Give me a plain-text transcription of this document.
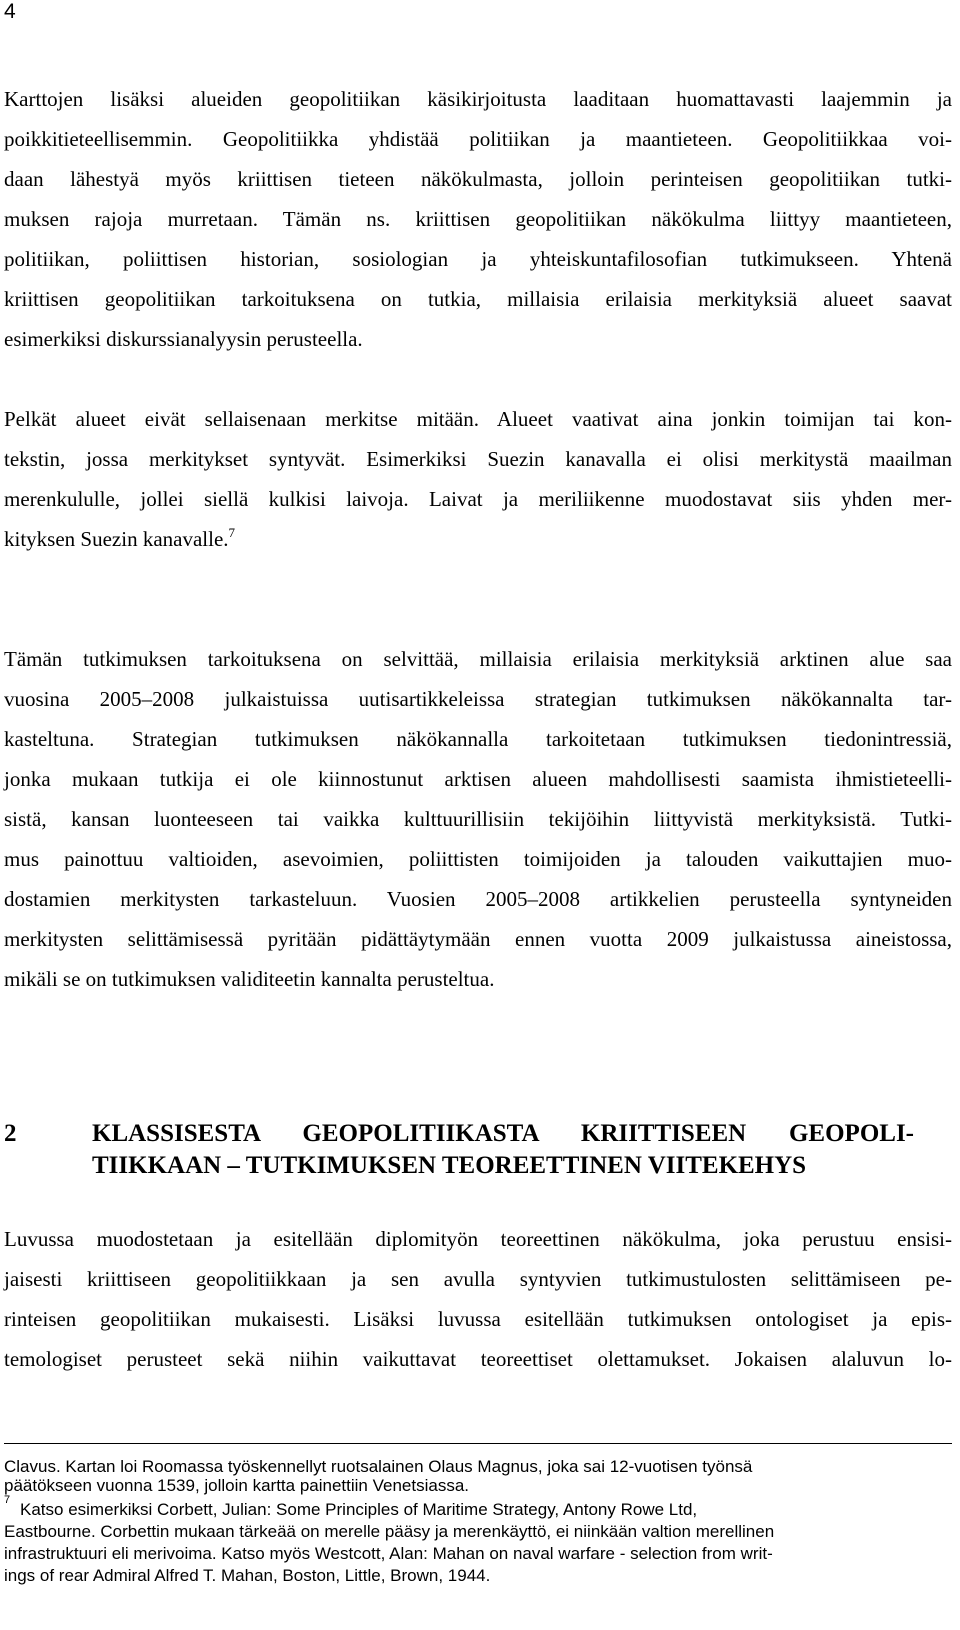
4
Karttojen lisäksi alueiden geopolitiikan käsikirjoitusta laaditaan huomattavasti laajemmin ja
poikkitieteellisemmin. Geopolitiikka yhdistää politiikan ja maantieteen. Geopolitiikkaa voi-
daan lähestyä myös kriittisen tieteen näkökulmasta, jolloin perinteisen geopolitiikan tutki-
muksen rajoja murretaan. Tämän ns. kriittisen geopolitiikan näkökulma liittyy maantieteen,
politiikan, poliittisen historian, sosiologian ja yhteiskuntafilosofian tutkimukseen. Yhtenä
kriittisen geopolitiikan tarkoituksena on tutkia, millaisia erilaisia merkityksiä alueet saavat
esimerkiksi diskurssianalyysin perusteella.
Pelkät alueet eivät sellaisenaan merkitse mitään. Alueet vaativat aina jonkin toimijan tai kon-
tekstin, jossa merkitykset syntyvät. Esimerkiksi Suezin kanavalla ei olisi merkitystä maailman
merenkululle, jollei siellä kulkisi laivoja. Laivat ja meriliikenne muodostavat siis yhden mer-
kityksen Suezin kanavalle.$^7$
Tämän tutkimuksen tarkoituksena on selvittää, millaisia erilaisia merkityksiä arktinen alue saa
vuosina 2005–2008 julkaistuissa uutisartikkeleissa strategian tutkimuksen näkökannalta tar-
kasteltuna. Strategian tutkimuksen näkökannalla tarkoitetaan tutkimuksen tiedonintressiä,
jonka mukaan tutkija ei ole kiinnostunut arktisen alueen mahdollisesti saamista ihmistieteelli-
sistä, kansan luonteeseen tai vaikka kulttuurillisiin tekijöihin liittyvistä merkityksistä. Tutki-
mus painottuu valtioiden, asevoimien, poliittisten toimijoiden ja talouden vaikuttajien muo-
dostamien merkitysten tarkasteluun. Vuosien 2005–2008 artikkelien perusteella syntyneiden
merkitysten selittämisessä pyritään pidättäytymään ennen vuotta 2009 julkaistussa aineistossa,
mikäli se on tutkimuksen validiteetin kannalta perusteltua.
2	KLASSISESTA GEOPOLITIIKASTA KRIITTISEEN GEOPOLI-
TIIKKAAN – TUTKIMUKSEN TEOREETTINEN VIITEKEHYS
Luvussa muodostetaan ja esitellään diplomityön teoreettinen näkökulma, joka perustuu ensisi-
jaisesti kriittiseen geopolitiikkaan ja sen avulla syntyvien tutkimustulosten selittämiseen pe-
rinteisen geopolitiikan mukaisesti. Lisäksi luvussa esitellään tutkimuksen ontologiset ja epis-
temologiset perusteet sekä niihin vaikuttavat teoreettiset olettamukset. Jokaisen alaluvun lo-
Clavus. Kartan loi Roomassa työskennellyt ruotsalainen Olaus Magnus, joka sai 12-vuotisen työnsä
päätökseen vuonna 1539, jolloin kartta painettiin Venetsiassa.
7 Katso esimerkiksi Corbett, Julian: Some Principles of Maritime Strategy, Antony Rowe Ltd,
Eastbourne. Corbettin mukaan tärkeää on merelle pääsy ja merenkäyttö, ei niinkään valtion merellinen
infrastruktuuri eli merivoima. Katso myös Westcott, Alan: Mahan on naval warfare - selection from writ-
ings of rear Admiral Alfred T. Mahan, Boston, Little, Brown, 1944.
